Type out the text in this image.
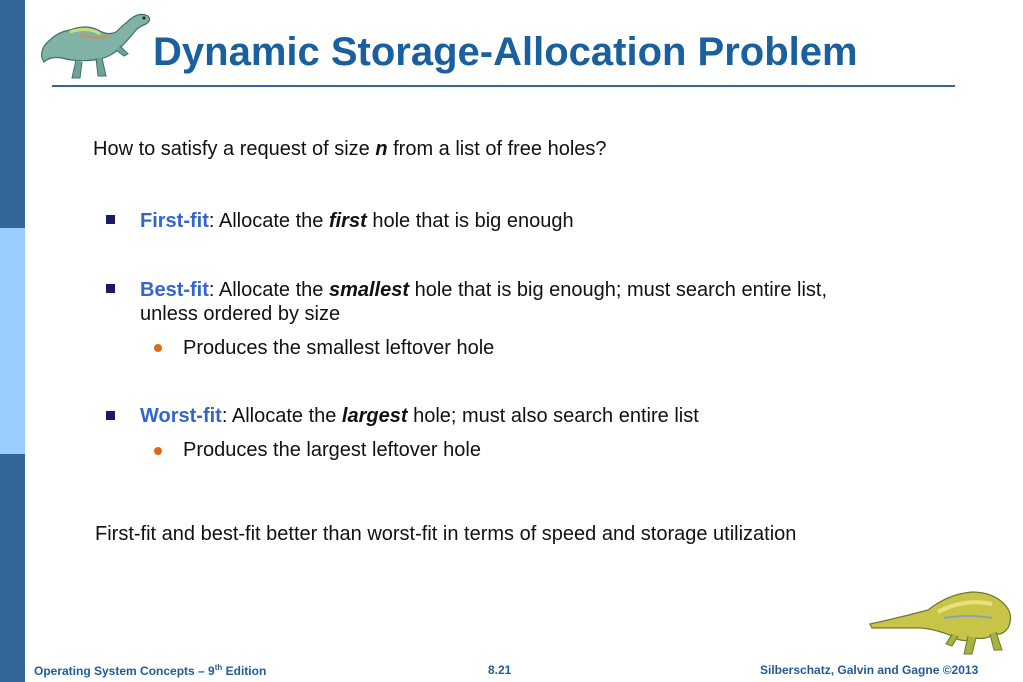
Dynamic Storage-Allocation Problem
How to satisfy a request of size n from a list of free holes?
First-fit: Allocate the first hole that is big enough
Best-fit: Allocate the smallest hole that is big enough; must search entire list,
unless ordered by size
Produces the smallest leftover hole
Worst-fit: Allocate the largest hole; must also search entire list
Produces the largest leftover hole
First-fit and best-fit better than worst-fit in terms of speed and storage utilization
Operating System Concepts – 9th Edition	8.21	Silberschatz, Galvin and Gagne ©2013
